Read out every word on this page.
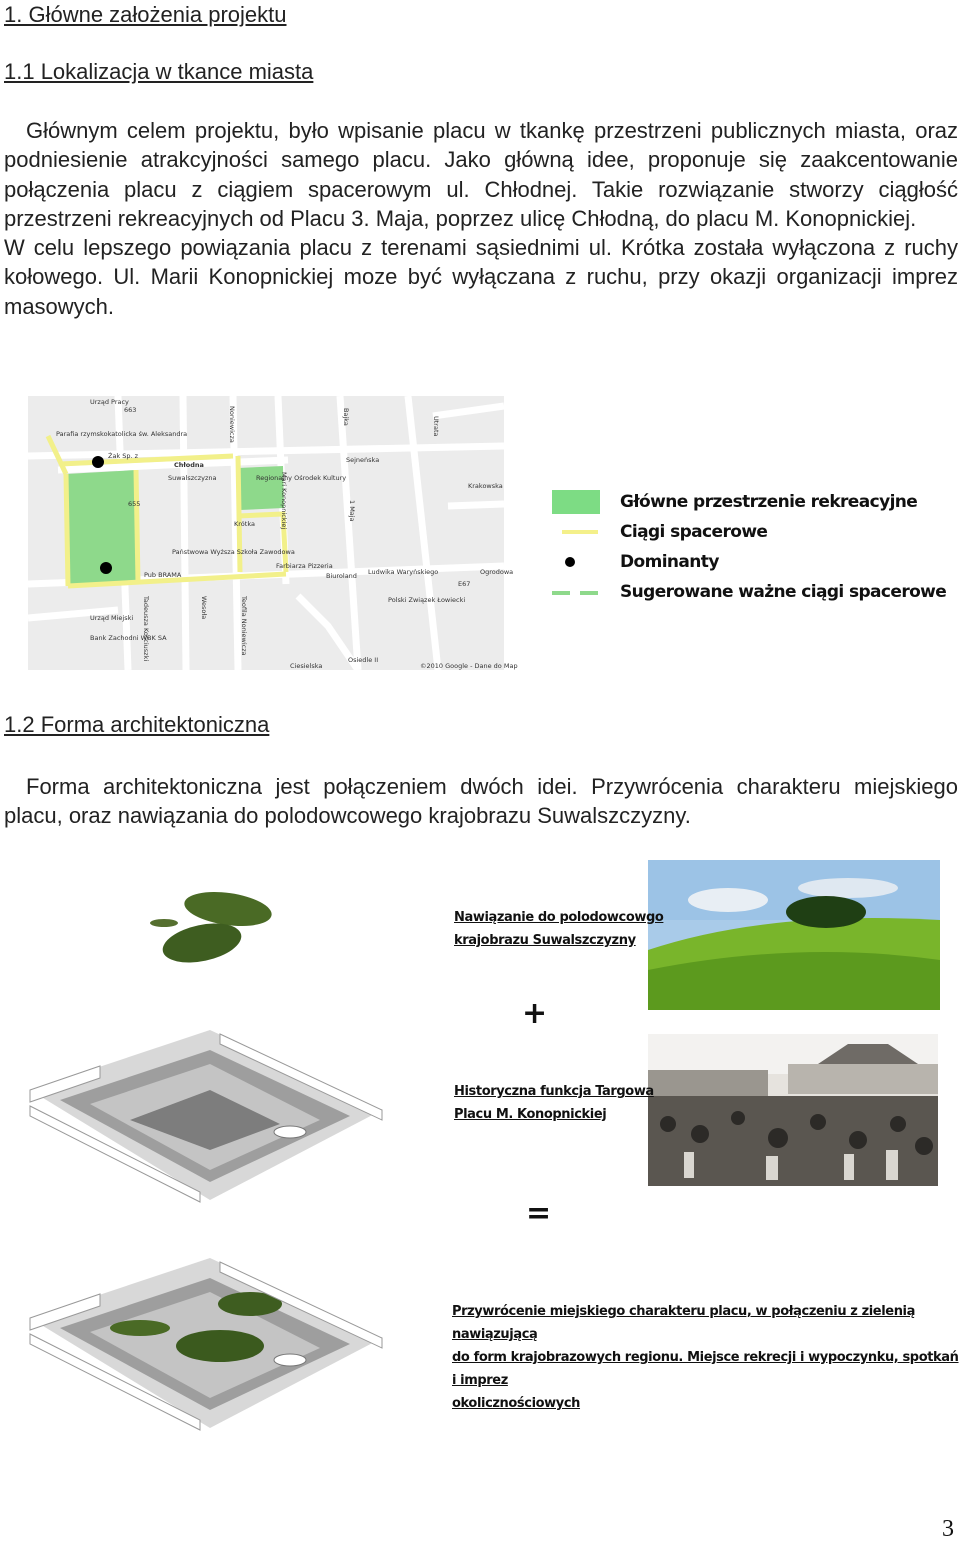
1. Główne założenia projektu
1.1 Lokalizacja w tkance miasta

Głównym celem projektu, było wpisanie placu w tkankę przestrzeni publicznych miasta, oraz podniesienie atrakcyjności samego placu. Jako główną idee, proponuje się zaakcentowanie połączenia placu z ciągiem spacerowym ul. Chłodnej. Takie rozwiązanie stworzy ciągłość przestrzeni rekreacyjnych od Placu 3. Maja, poprzez ulicę Chłodną, do placu M. Konopnickiej.

W celu lepszego powiązania placu z terenami sąsiednimi ul. Krótka została wyłączona z ruchy kołowego. Ul. Marii Konopnickiej moze być wyłączana z ruchu, przy okazji organizacji imprez masowych.

Urząd Pracy
663
655
Parafia rzymskokatolicka św. Aleksandra
Żak Sp. z
Chłodna
Suwalszczyzna
Sejneńska
Krótka
Regionalny Ośrodek Kultury
Państwowa Wyższa Szkoła Zawodowa
Pub BRAMA	Ludwika Waryńskiego
Farbiarza Pizzeria
Biuroland
Polski Związek Łowiecki
Urząd Miejski
Bank Zachodni WBK SA
Osiedle II
Ciesielska
E67
Krakowska
Ogrodowa
©2010 Google - Dane do Map
Bajka
Noniewicza
Mari Konopnickiej
Tadeusza Kościuszki	Wesoła	Teofila Noniewicza
1 Maja
Utrata
Główne przestrzenie rekreacyjne
Ciągi spacerowe
Dominanty
Sugerowane ważne ciągi spacerowe
1.2 Forma architektoniczna

Forma architektoniczna jest połączeniem dwóch idei. Przywrócenia charakteru miejskiego placu, oraz nawiązania do polodowcowego krajobrazu Suwalszczyzny.

Nawiązanie do polodowcowgo
krajobrazu Suwalszczyzny
+
Historyczna funkcja Targowa
Placu M. Konopnickiej
=
Przywrócenie miejskiego charakteru placu, w połączeniu z zielenią nawiązującą
do form krajobrazowych regionu. Miejsce rekrecji i wypoczynku, spotkań i imprez
okolicznościowych
3
